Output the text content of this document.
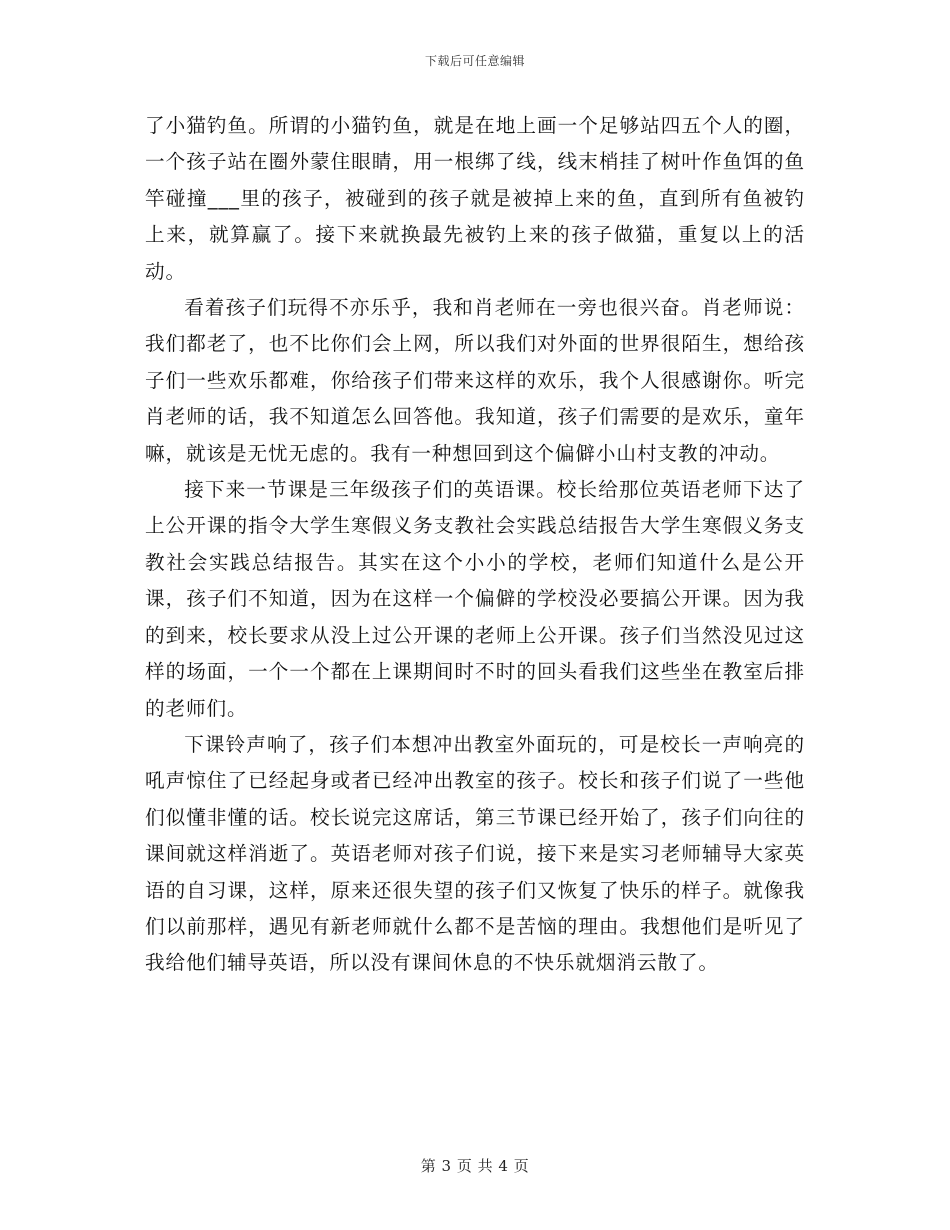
下载后可任意编辑

了小猫钓鱼。所谓的小猫钓鱼，就是在地上画一个足够站四五个人的圈，一个孩子站在圈外蒙住眼睛，用一根绑了线，线末梢挂了树叶作鱼饵的鱼竿碰撞___里的孩子，被碰到的孩子就是被掉上来的鱼，直到所有鱼被钓上来，就算赢了。接下来就换最先被钓上来的孩子做猫，重复以上的活动。

看着孩子们玩得不亦乐乎，我和肖老师在一旁也很兴奋。肖老师说：我们都老了，也不比你们会上网，所以我们对外面的世界很陌生，想给孩子们一些欢乐都难，你给孩子们带来这样的欢乐，我个人很感谢你。听完肖老师的话，我不知道怎么回答他。我知道，孩子们需要的是欢乐，童年嘛，就该是无忧无虑的。我有一种想回到这个偏僻小山村支教的冲动。

接下来一节课是三年级孩子们的英语课。校长给那位英语老师下达了上公开课的指令大学生寒假义务支教社会实践总结报告大学生寒假义务支教社会实践总结报告。其实在这个小小的学校，老师们知道什么是公开课，孩子们不知道，因为在这样一个偏僻的学校没必要搞公开课。因为我的到来，校长要求从没上过公开课的老师上公开课。孩子们当然没见过这样的场面，一个一个都在上课期间时不时的回头看我们这些坐在教室后排的老师们。

下课铃声响了，孩子们本想冲出教室外面玩的，可是校长一声响亮的吼声惊住了已经起身或者已经冲出教室的孩子。校长和孩子们说了一些他们似懂非懂的话。校长说完这席话，第三节课已经开始了，孩子们向往的课间就这样消逝了。英语老师对孩子们说，接下来是实习老师辅导大家英语的自习课，这样，原来还很失望的孩子们又恢复了快乐的样子。就像我们以前那样，遇见有新老师就什么都不是苦恼的理由。我想他们是听见了我给他们辅导英语，所以没有课间休息的不快乐就烟消云散了。

第 3 页 共 4 页
